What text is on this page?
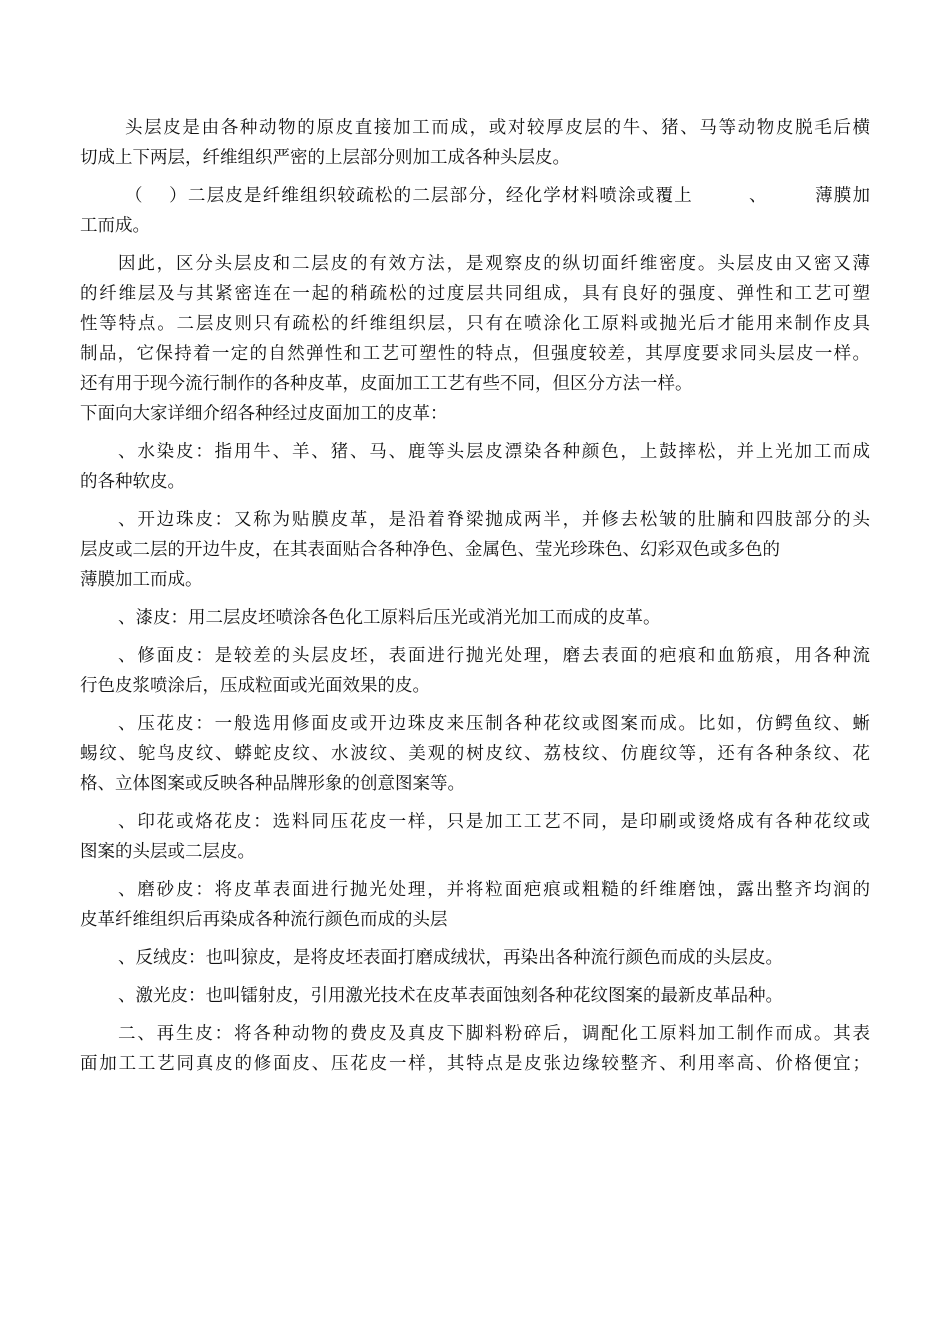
头层皮是由各种动物的原皮直接加工而成，或对较厚皮层的牛、猪、马等动物皮脱毛后横
切成上下两层，纤维组织严密的上层部分则加工成各种头层皮。
（　 ）二层皮是纤维组织较疏松的二层部分，经化学材料喷涂或覆上　　　、　　　薄膜加
工而成。
因此，区分头层皮和二层皮的有效方法，是观察皮的纵切面纤维密度。头层皮由又密又薄
的纤维层及与其紧密连在一起的稍疏松的过度层共同组成，具有良好的强度、弹性和工艺可塑
性等特点。二层皮则只有疏松的纤维组织层，只有在喷涂化工原料或抛光后才能用来制作皮具
制品，它保持着一定的自然弹性和工艺可塑性的特点，但强度较差，其厚度要求同头层皮一样。
还有用于现今流行制作的各种皮革，皮面加工工艺有些不同，但区分方法一样。
下面向大家详细介绍各种经过皮面加工的皮革：
、水染皮：指用牛、羊、猪、马、鹿等头层皮漂染各种颜色，上鼓摔松，并上光加工而成
的各种软皮。
、开边珠皮：又称为贴膜皮革，是沿着脊梁抛成两半，并修去松皱的肚腩和四肢部分的头
层皮或二层的开边牛皮，在其表面贴合各种净色、金属色、莹光珍珠色、幻彩双色或多色的
薄膜加工而成。
、漆皮：用二层皮坯喷涂各色化工原料后压光或消光加工而成的皮革。
、修面皮：是较差的头层皮坯，表面进行抛光处理，磨去表面的疤痕和血筋痕，用各种流
行色皮浆喷涂后，压成粒面或光面效果的皮。
、压花皮：一般选用修面皮或开边珠皮来压制各种花纹或图案而成。比如，仿鳄鱼纹、蜥
蜴纹、鸵鸟皮纹、蟒蛇皮纹、水波纹、美观的树皮纹、荔枝纹、仿鹿纹等，还有各种条纹、花
格、立体图案或反映各种品牌形象的创意图案等。
、印花或烙花皮：选料同压花皮一样，只是加工工艺不同，是印刷或烫烙成有各种花纹或
图案的头层或二层皮。
、磨砂皮：将皮革表面进行抛光处理，并将粒面疤痕或粗糙的纤维磨蚀，露出整齐均润的
皮革纤维组织后再染成各种流行颜色而成的头层
、反绒皮：也叫猄皮，是将皮坯表面打磨成绒状，再染出各种流行颜色而成的头层皮。
、激光皮：也叫镭射皮，引用激光技术在皮革表面蚀刻各种花纹图案的最新皮革品种。
二、再生皮：将各种动物的费皮及真皮下脚料粉碎后，调配化工原料加工制作而成。其表
面加工工艺同真皮的修面皮、压花皮一样，其特点是皮张边缘较整齐、利用率高、价格便宜；
